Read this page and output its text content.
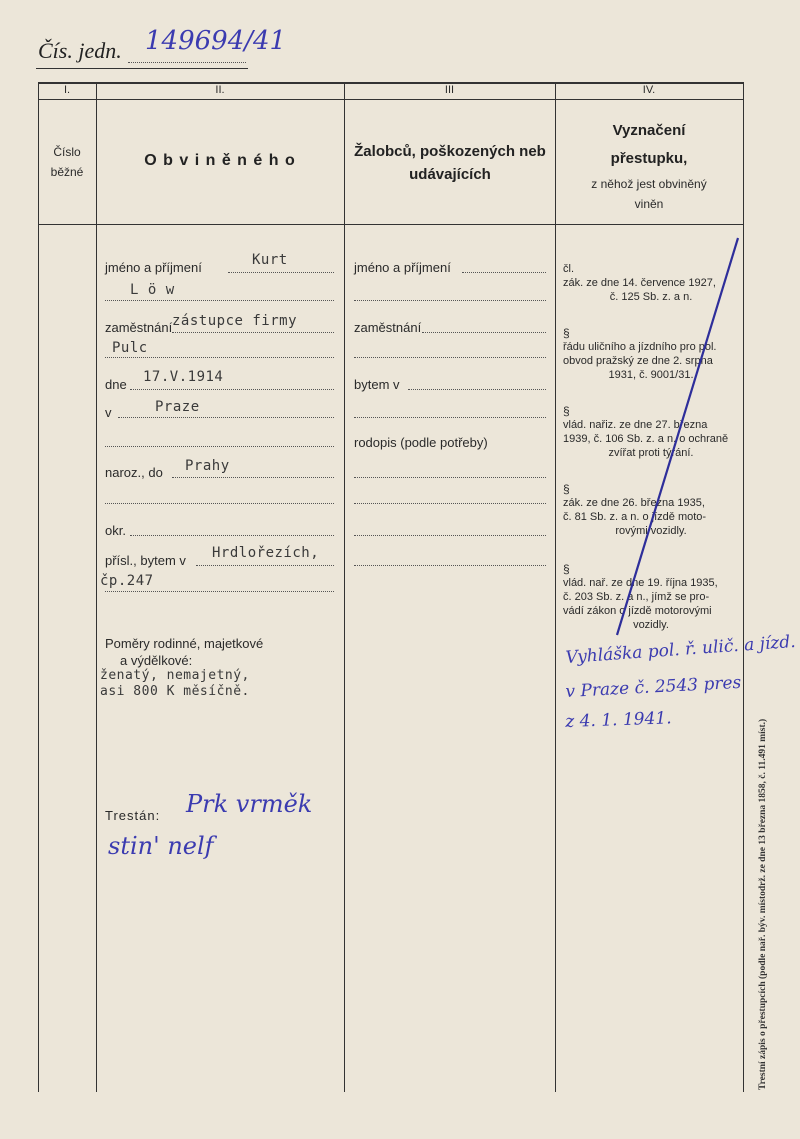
Čís. jedn. 149694/41
I.	II.	III	IV.
Číslo běžné
O b v i n ě n é h o
Žalobců, poškozených neb udávajících
Vyznačení
přestupku,
z něhož jest obviněný
viněn
jméno a příjmení	Kurt
L ö w
zaměstnání zástupce firmy
Pulc
dne 17.V.1914
v	Praze
naroz., do Prahy
okr.
přísl., bytem v Hrdlořezích,
čp.247
Poměry rodinné, majetkové
a výdělkové:
ženatý, nemajetný,
asi 800 K měsíčně.
Trestán: Prk vrměk
stin' nelf
jméno a příjmení
zaměstnání
bytem v
rodopis (podle potřeby)
čl.
zák. ze dne 14. července 1927,
č. 125 Sb. z. a n.
§
řádu uličního a jízdního pro pol.
obvod pražský ze dne 2. srpna
1931, č. 9001/31.
§
vlád. nařiz. ze dne 27. března
1939, č. 106 Sb. z. a n. o ochraně
zvířat proti týrání.
§
zák. ze dne 26. března 1935,
č. 81 Sb. z. a n. o jízdě moto-
rovými vozidly.
§
vlád. nař. ze dne 19. října 1935,
č. 203 Sb. z. a n., jímž se pro-
vádí zákon o jízdě motorovými
vozidly.
Vyhláška pol. ř. ulič. a jízd.
v Praze č. 2543 pres
z 4. 1. 1941.	Trestní zápis o přestupcích (podle nař. býv. místodrž. ze dne 13 března 1858, č. 11.491 míst.)
